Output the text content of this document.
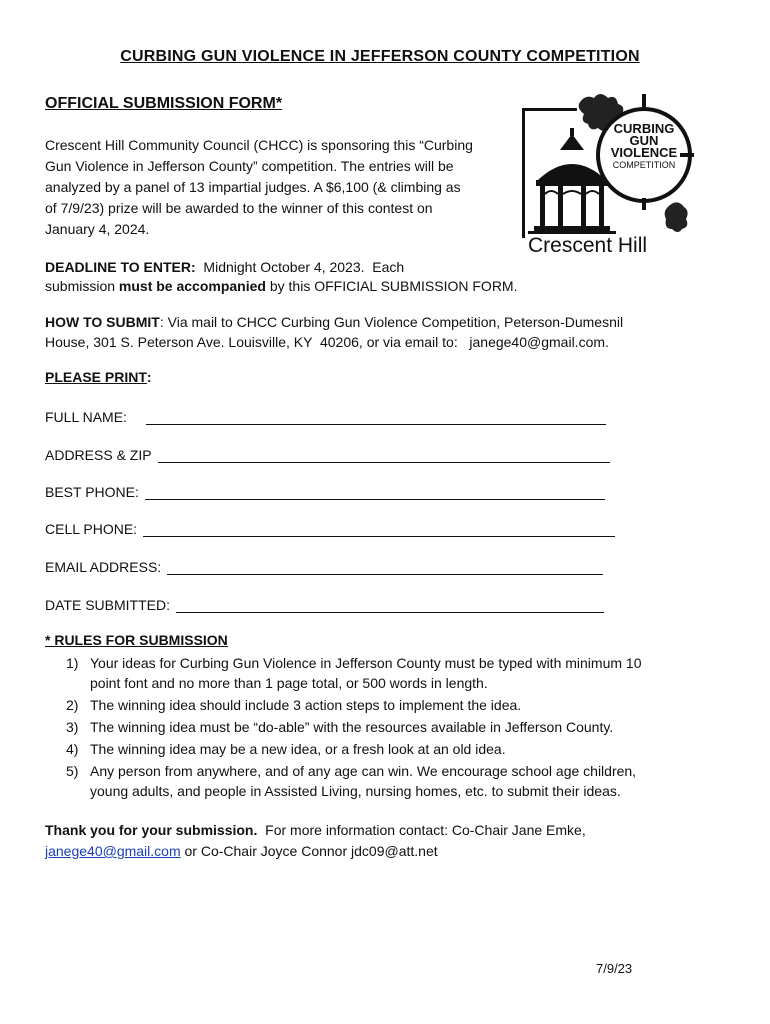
CURBING GUN VIOLENCE IN JEFFERSON COUNTY COMPETITION
OFFICIAL SUBMISSION FORM*
Crescent Hill Community Council (CHCC) is sponsoring this “Curbing
Gun Violence in Jefferson County” competition. The entries will be
analyzed by a panel of 13 impartial judges. A $6,100 (& climbing as
of 7/9/23) prize will be awarded to the winner of this contest on
January 4, 2024.
CURBING
GUN
VIOLENCE
COMPETITION
Crescent Hill
DEADLINE TO ENTER:  Midnight October 4, 2023.  Each
submission must be accompanied by this OFFICIAL SUBMISSION FORM.
HOW TO SUBMIT: Via mail to CHCC Curbing Gun Violence Competition, Peterson-Dumesnil
House, 301 S. Peterson Ave. Louisville, KY  40206, or via email to:   janege40@gmail.com.
PLEASE PRINT:
FULL NAME:
ADDRESS & ZIP
BEST PHONE:
CELL PHONE:
EMAIL ADDRESS:
DATE SUBMITTED:
* RULES FOR SUBMISSION
1) Your ideas for Curbing Gun Violence in Jefferson County must be typed with minimum 10
point font and no more than 1 page total, or 500 words in length.
2) The winning idea should include 3 action steps to implement the idea.
3) The winning idea must be “do-able” with the resources available in Jefferson County.
4) The winning idea may be a new idea, or a fresh look at an old idea.
5) Any person from anywhere, and of any age can win. We encourage school age children,
young adults, and people in Assisted Living, nursing homes, etc. to submit their ideas.
Thank you for your submission.  For more information contact: Co-Chair Jane Emke,
janege40@gmail.com or Co-Chair Joyce Connor jdc09@att.net
7/9/23
